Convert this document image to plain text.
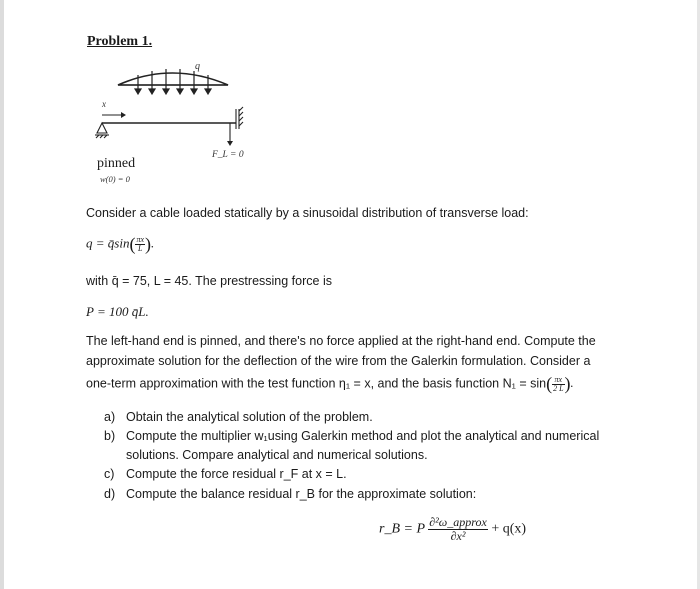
Problem 1.
q
x
F_L = 0
pinned
w(0) = 0
Consider a cable loaded statically by a sinusoidal distribution of transverse load:
q = q̄sin( $\frac{\pi x}{L}$ ).
with q̄ = 75, L = 45. The prestressing force is
P = 100 q̄L.
The left-hand end is pinned, and there's no force applied at the right-hand end. Compute the
approximate solution for the deflection of the wire from the Galerkin formulation. Consider a
one-term approximation with the test function η₁ = x, and the basis function $N_1 = \sin( \frac{\pi x}{2 L}$ ).
a) Obtain the analytical solution of the problem.
b) Compute the multiplier w₁using Galerkin method and plot the analytical and numerical
solutions. Compare analytical and numerical solutions.
c) Compute the force residual r_F at x = L.
d) Compute the balance residual r_B for the approximate solution:
r_B = P $\frac{\text{∂²ω\_approx}}{\text{∂x²}} + q(x)$
